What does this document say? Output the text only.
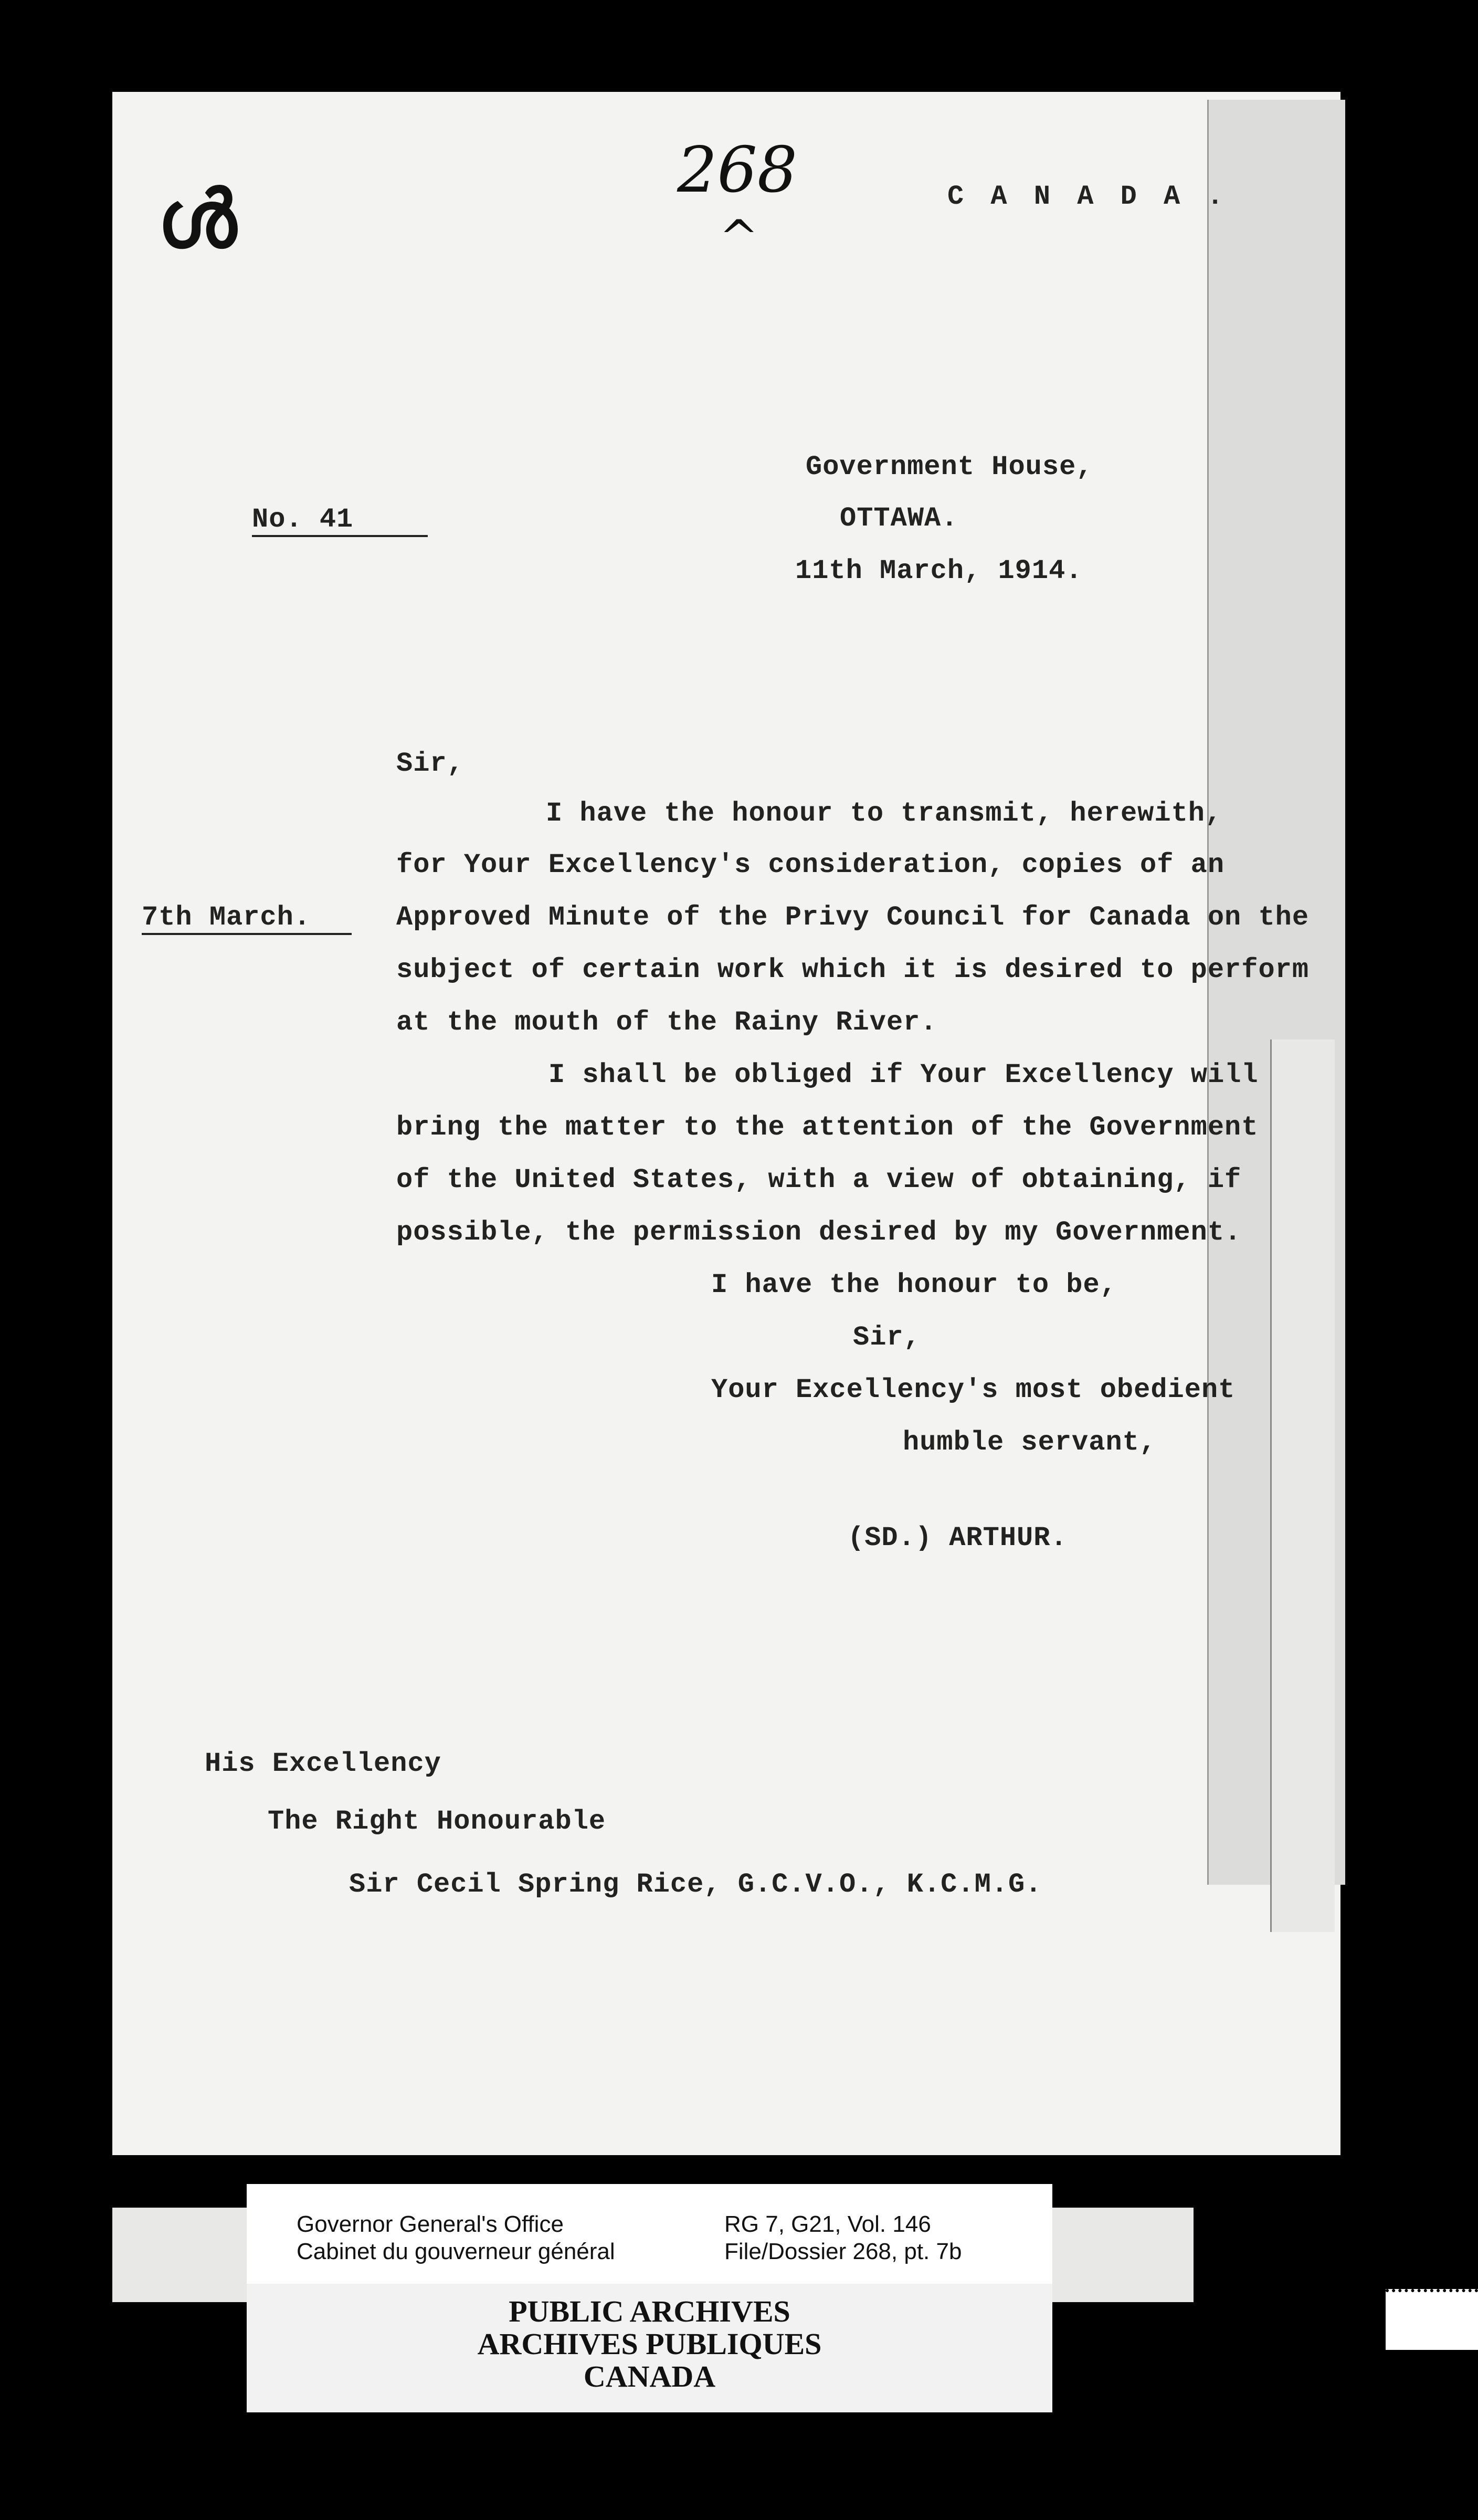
268
^
ൾ	C A N A D A .
Government House,
OTTAWA.
No. 41
11th March, 1914.
Sir,
I have the honour to transmit, herewith,
for Your Excellency's consideration, copies of an
7th March.	Approved Minute of the Privy Council for Canada on the
subject of certain work which it is desired to perform
at the mouth of the Rainy River.
I shall be obliged if Your Excellency will
bring the matter to the attention of the Government
of the United States, with a view of obtaining, if
possible, the permission desired by my Government.
I have the honour to be,
Sir,
Your Excellency's most obedient
humble servant,
(SD.) ARTHUR.
His Excellency
The Right Honourable
Sir Cecil Spring Rice, G.C.V.O., K.C.M.G.
Governor General's Office
Cabinet du gouverneur général
RG 7, G21, Vol. 146
File/Dossier 268, pt. 7b
PUBLIC ARCHIVES
ARCHIVES PUBLIQUES
CANADA
